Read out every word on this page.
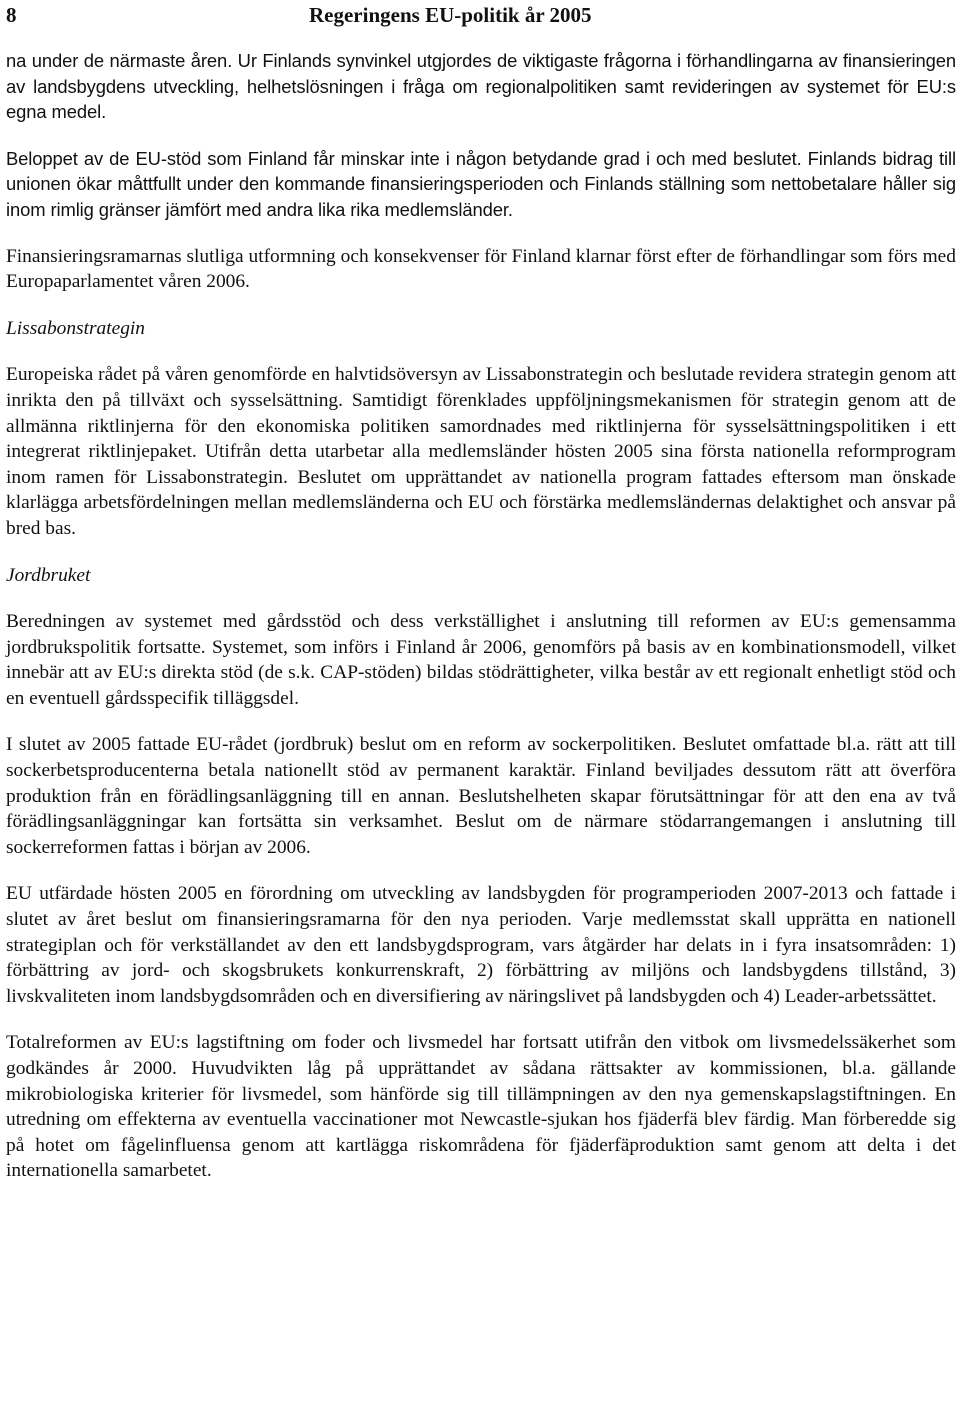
8	Regeringens EU-politik år 2005

na under de närmaste åren. Ur Finlands synvinkel utgjordes de viktigaste frågorna i förhandlingarna av finansieringen av landsbygdens utveckling, helhetslösningen i fråga om regionalpolitiken samt revideringen av systemet för EU:s egna medel.

Beloppet av de EU-stöd som Finland får minskar inte i någon betydande grad i och med beslutet. Finlands bidrag till unionen ökar måttfullt under den kommande finansieringsperioden och Finlands ställning som nettobetalare håller sig inom rimlig gränser jämfört med andra lika rika medlemsländer.

Finansieringsramarnas slutliga utformning och konsekvenser för Finland klarnar först efter de förhandlingar som förs med Europaparlamentet våren 2006.

Lissabonstrategin

Europeiska rådet på våren genomförde en halvtidsöversyn av Lissabonstrategin och beslutade revidera strategin genom att inrikta den på tillväxt och sysselsättning. Samtidigt förenklades uppföljningsmekanismen för strategin genom att de allmänna riktlinjerna för den ekonomiska politiken samordnades med riktlinjerna för sysselsättningspolitiken i ett integrerat riktlinjepaket. Utifrån detta utarbetar alla medlemsländer hösten 2005 sina första nationella reformprogram inom ramen för Lissabonstrategin. Beslutet om upprättandet av nationella program fattades eftersom man önskade klarlägga arbetsfördelningen mellan medlemsländerna och EU och förstärka medlemsländernas delaktighet och ansvar på bred bas.

Jordbruket

Beredningen av systemet med gårdsstöd och dess verkställighet i anslutning till reformen av EU:s gemensamma jordbrukspolitik fortsatte. Systemet, som införs i Finland år 2006, genomförs på basis av en kombinationsmodell, vilket innebär att av EU:s direkta stöd (de s.k. CAP-stöden) bildas stödrättigheter, vilka består av ett regionalt enhetligt stöd och en eventuell gårdsspecifik tilläggsdel.

I slutet av 2005 fattade EU-rådet (jordbruk) beslut om en reform av sockerpolitiken. Beslutet omfattade bl.a. rätt att till sockerbetsproducenterna betala nationellt stöd av permanent karaktär. Finland beviljades dessutom rätt att överföra produktion från en förädlingsanläggning till en annan. Beslutshelheten skapar förutsättningar för att den ena av två förädlingsanläggningar kan fortsätta sin verksamhet. Beslut om de närmare stödarrangemangen i anslutning till sockerreformen fattas i början av 2006.

EU utfärdade hösten 2005 en förordning om utveckling av landsbygden för programperioden 2007-2013 och fattade i slutet av året beslut om finansieringsramarna för den nya perioden. Varje medlemsstat skall upprätta en nationell strategiplan och för verkställandet av den ett landsbygdsprogram, vars åtgärder har delats in i fyra insatsområden: 1) förbättring av jord- och skogsbrukets konkurrenskraft, 2) förbättring av miljöns och landsbygdens tillstånd, 3) livskvaliteten inom landsbygdsområden och en diversifiering av näringslivet på landsbygden och 4) Leader-arbetssättet.

Totalreformen av EU:s lagstiftning om foder och livsmedel har fortsatt utifrån den vitbok om livsmedelssäkerhet som godkändes år 2000. Huvudvikten låg på upprättandet av sådana rättsakter av kommissionen, bl.a. gällande mikrobiologiska kriterier för livsmedel, som hänförde sig till tillämpningen av den nya gemenskapslagstiftningen. En utredning om effekterna av eventuella vaccinationer mot Newcastle-sjukan hos fjäderfä blev färdig. Man förberedde sig på hotet om fågelinfluensa genom att kartlägga riskområdena för fjäderfäproduktion samt genom att delta i det internationella samarbetet.
